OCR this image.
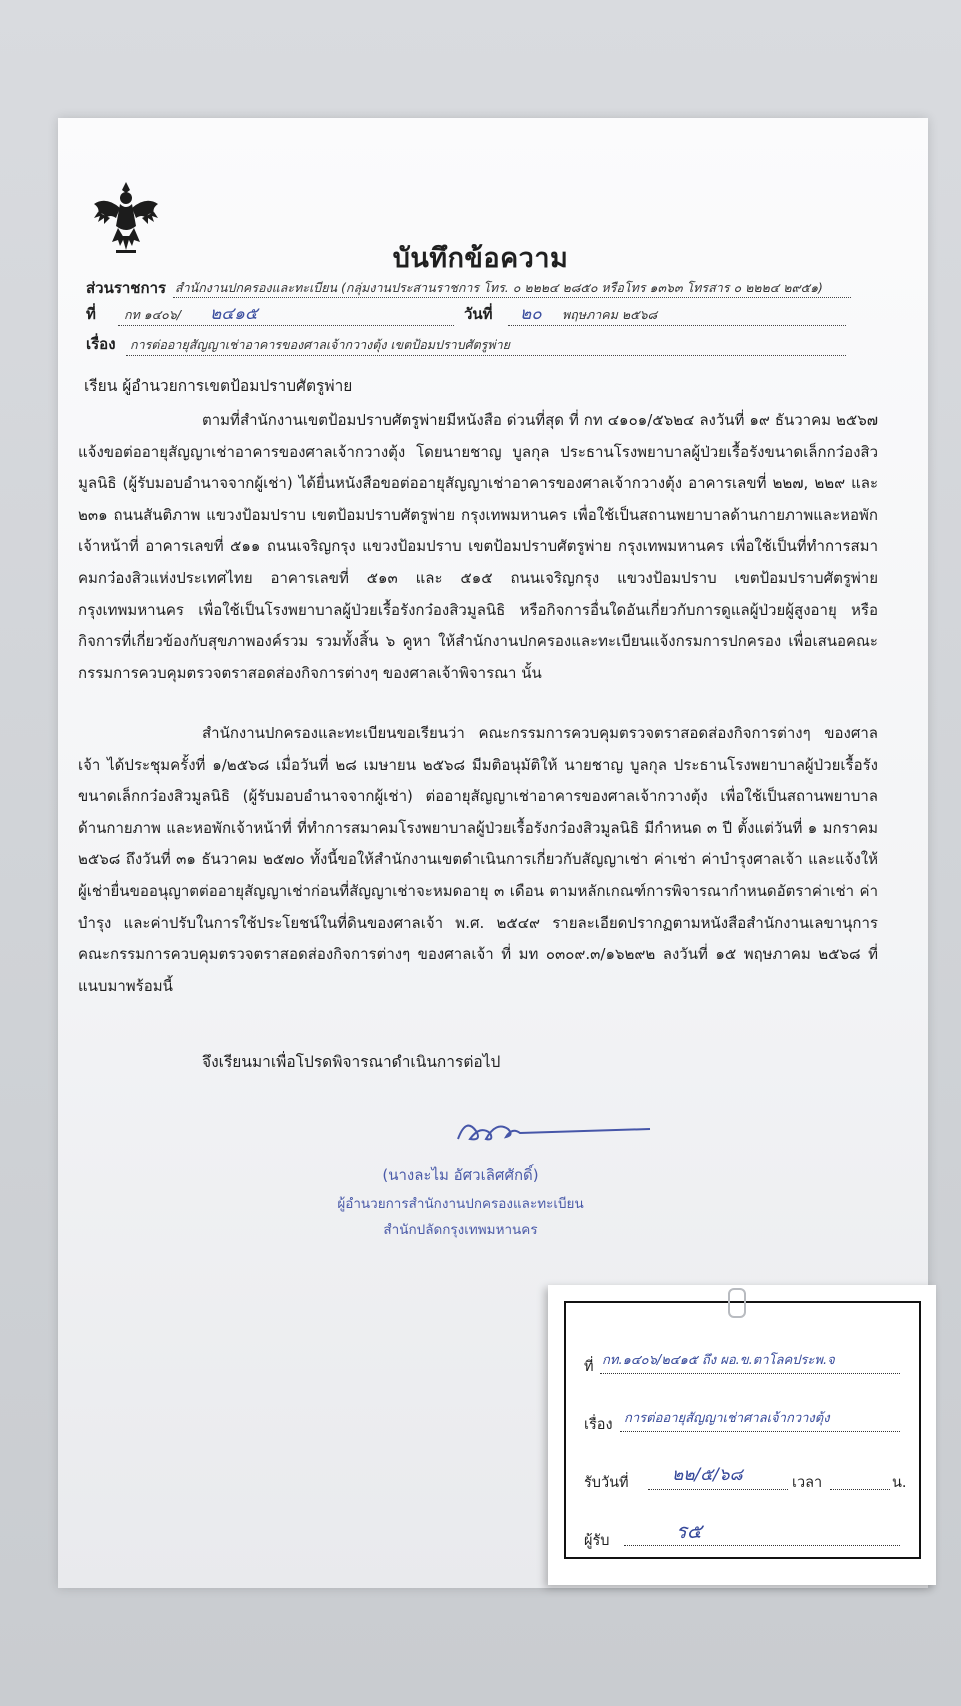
บันทึกข้อความ
ส่วนราชการ สำนักงานปกครองและทะเบียน (กลุ่มงานประสานราชการ โทร. ๐ ๒๒๒๔ ๒๘๕๐ หรือโทร ๑๓๖๓ โทรสาร ๐ ๒๒๒๔ ๒๙๕๑)
ที่ กท ๑๔๐๖/ ๒๔๑๕	วันที่ ๒๐ พฤษภาคม ๒๕๖๘
เรื่อง การต่ออายุสัญญาเช่าอาคารของศาลเจ้ากวางตุ้ง เขตป้อมปราบศัตรูพ่าย
เรียน ผู้อำนวยการเขตป้อมปราบศัตรูพ่าย
ตามที่สำนักงานเขตป้อมปราบศัตรูพ่ายมีหนังสือ ด่วนที่สุด ที่ กท ๔๑๐๑/๕๖๒๔ ลงวันที่ ๑๙ ธันวาคม ๒๕๖๗ แจ้งขอต่ออายุสัญญาเช่าอาคารของศาลเจ้ากวางตุ้ง โดยนายชาญ บูลกุล ประธานโรงพยาบาลผู้ป่วยเรื้อรังขนาดเล็กกว๋องสิวมูลนิธิ (ผู้รับมอบอำนาจจากผู้เช่า) ได้ยื่นหนังสือขอต่ออายุสัญญาเช่าอาคารของศาลเจ้ากวางตุ้ง อาคารเลขที่ ๒๒๗, ๒๒๙ และ ๒๓๑ ถนนสันติภาพ แขวงป้อมปราบ เขตป้อมปราบศัตรูพ่าย กรุงเทพมหานคร เพื่อใช้เป็นสถานพยาบาลด้านกายภาพและหอพักเจ้าหน้าที่ อาคารเลขที่ ๕๑๑ ถนนเจริญกรุง แขวงป้อมปราบ เขตป้อมปราบศัตรูพ่าย กรุงเทพมหานคร เพื่อใช้เป็นที่ทำการสมาคมกว๋องสิวแห่งประเทศไทย อาคารเลขที่ ๕๑๓ และ ๕๑๕ ถนนเจริญกรุง แขวงป้อมปราบ เขตป้อมปราบศัตรูพ่าย กรุงเทพมหานคร เพื่อใช้เป็นโรงพยาบาลผู้ป่วยเรื้อรังกว๋องสิวมูลนิธิ หรือกิจการอื่นใดอันเกี่ยวกับการดูแลผู้ป่วยผู้สูงอายุ หรือกิจการที่เกี่ยวข้องกับสุขภาพองค์รวม รวมทั้งสิ้น ๖ คูหา ให้สำนักงานปกครองและทะเบียนแจ้งกรมการปกครอง เพื่อเสนอคณะกรรมการควบคุมตรวจตราสอดส่องกิจการต่างๆ ของศาลเจ้าพิจารณา นั้น
สำนักงานปกครองและทะเบียนขอเรียนว่า คณะกรรมการควบคุมตรวจตราสอดส่องกิจการต่างๆ ของศาลเจ้า ได้ประชุมครั้งที่ ๑/๒๕๖๘ เมื่อวันที่ ๒๘ เมษายน ๒๕๖๘ มีมติอนุมัติให้ นายชาญ บูลกุล ประธานโรงพยาบาลผู้ป่วยเรื้อรังขนาดเล็กกว๋องสิวมูลนิธิ (ผู้รับมอบอำนาจจากผู้เช่า) ต่ออายุสัญญาเช่าอาคารของศาลเจ้ากวางตุ้ง เพื่อใช้เป็นสถานพยาบาลด้านกายภาพ และหอพักเจ้าหน้าที่ ที่ทำการสมาคมโรงพยาบาลผู้ป่วยเรื้อรังกว๋องสิวมูลนิธิ มีกำหนด ๓ ปี ตั้งแต่วันที่ ๑ มกราคม ๒๕๖๘ ถึงวันที่ ๓๑ ธันวาคม ๒๕๗๐ ทั้งนี้ขอให้สำนักงานเขตดำเนินการเกี่ยวกับสัญญาเช่า ค่าเช่า ค่าบำรุงศาลเจ้า และแจ้งให้ผู้เช่ายื่นขออนุญาตต่ออายุสัญญาเช่าก่อนที่สัญญาเช่าจะหมดอายุ ๓ เดือน ตามหลักเกณฑ์การพิจารณากำหนดอัตราค่าเช่า ค่าบำรุง และค่าปรับในการใช้ประโยชน์ในที่ดินของศาลเจ้า พ.ศ. ๒๕๔๙ รายละเอียดปรากฏตามหนังสือสำนักงานเลขานุการคณะกรรมการควบคุมตรวจตราสอดส่องกิจการต่างๆ ของศาลเจ้า ที่ มท ๐๓๐๙.๓/๑๖๒๙๒ ลงวันที่ ๑๕ พฤษภาคม ๒๕๖๘ ที่แนบมาพร้อมนี้
จึงเรียนมาเพื่อโปรดพิจารณาดำเนินการต่อไป
(นางละไม อัศวเลิศศักดิ์)
ผู้อำนวยการสำนักงานปกครองและทะเบียน
สำนักปลัดกรุงเทพมหานคร
ที่ กท.๑๔๐๖/๒๔๑๕ ถึง ผอ.ข.ตาโลคประพ.จ
เรื่อง การต่ออายุสัญญาเช่าศาลเจ้ากวางตุ้ง
รับวันที่	๒๒/๕/๖๘	เวลา	น.
ผู้รับ	ร๕
